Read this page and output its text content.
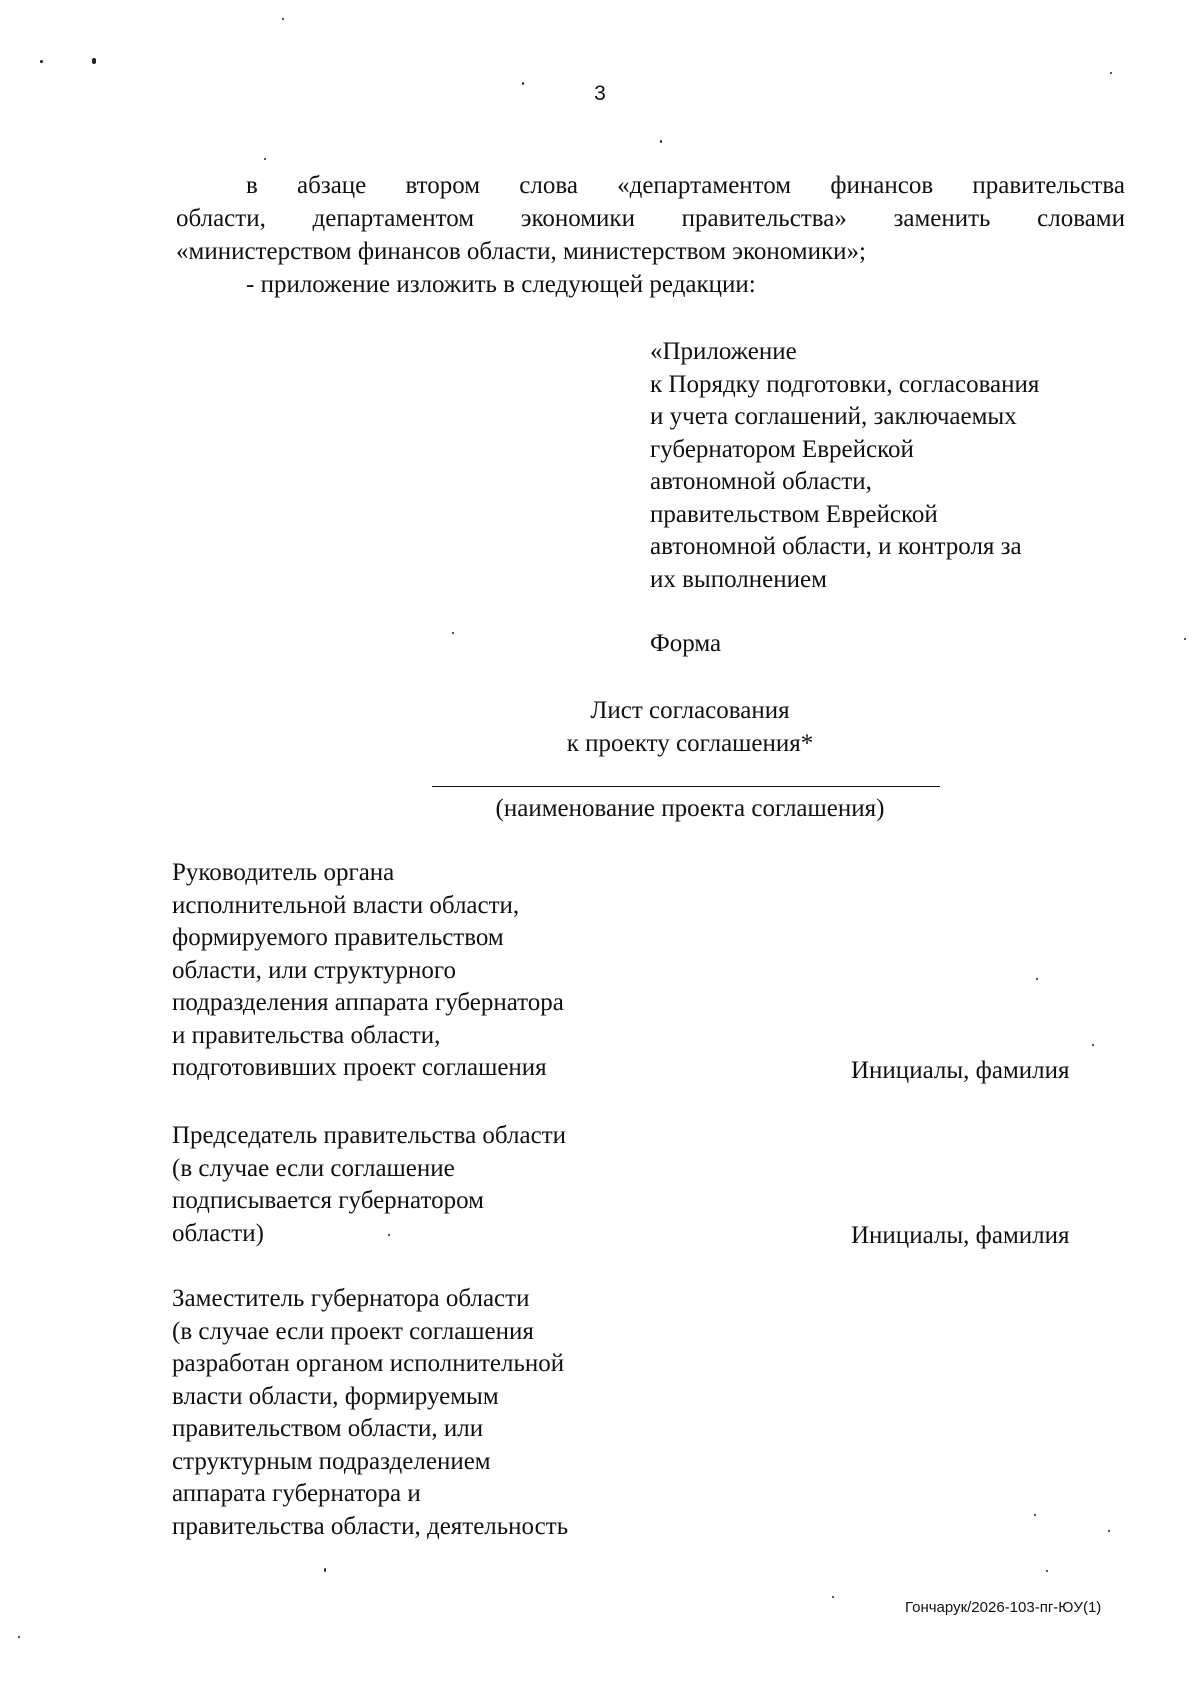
3

в абзаце втором слова «департаментом финансов правительства

области, департаментом экономики правительства» заменить словами

«министерством финансов области, министерством экономики»;

- приложение изложить в следующей редакции:

«Приложение
к Порядку подготовки, согласования
и учета соглашений, заключаемых
губернатором Еврейской
автономной области,
правительством Еврейской
автономной области, и контроля за
их выполнением
Форма
Лист согласования
к проекту соглашения*
(наименование проекта соглашения)
Руководитель органа
исполнительной власти области,
формируемого правительством
области, или структурного
подразделения аппарата губернатора
и правительства области,
подготовивших проект соглашения	Инициалы, фамилия
Председатель правительства области
(в случае если соглашение
подписывается губернатором
области)	Инициалы, фамилия
Заместитель губернатора области
(в случае если проект соглашения
разработан органом исполнительной
власти области, формируемым
правительством области, или
структурным подразделением
аппарата губернатора и
правительства области, деятельность
Гончарук/2026-103-пг-ЮУ(1)
